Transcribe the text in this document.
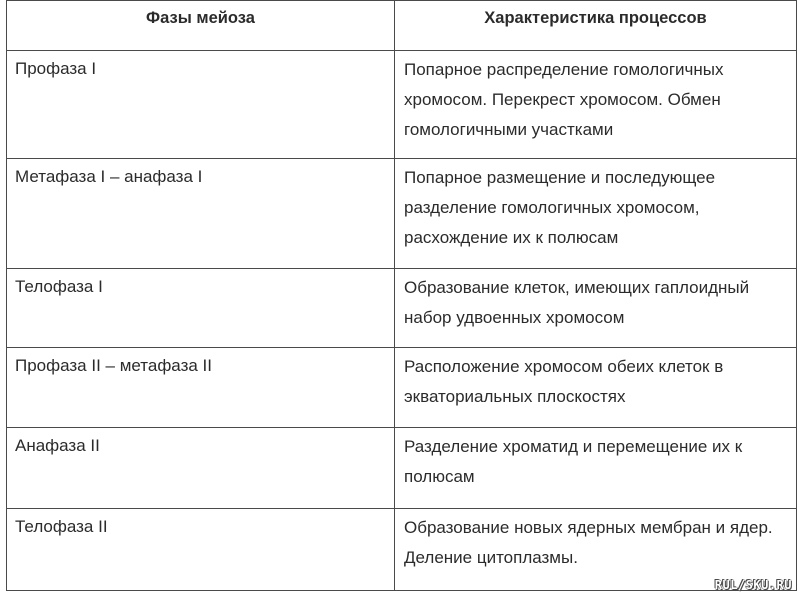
Фазы мейоза	Характеристика процессов
Профаза I	Попарное распределение гомологичных хромосом. Перекрест хромосом. Обмен гомологичными участками
Метафаза I – анафаза I	Попарное размещение и последующее разделение гомологичных хромосом, расхождение их к полюсам
Телофаза I	Образование клеток, имеющих гаплоидный набор удвоенных хромосом
Профаза II – метафаза II	Расположение хромосом обеих клеток в экваториальных плоскостях
Анафаза II	Разделение хроматид и перемещение их к полюсам
Телофаза II	Образование новых ядерных мембран и ядер. Деление цитоплазмы.
RUL/SKU.RU
